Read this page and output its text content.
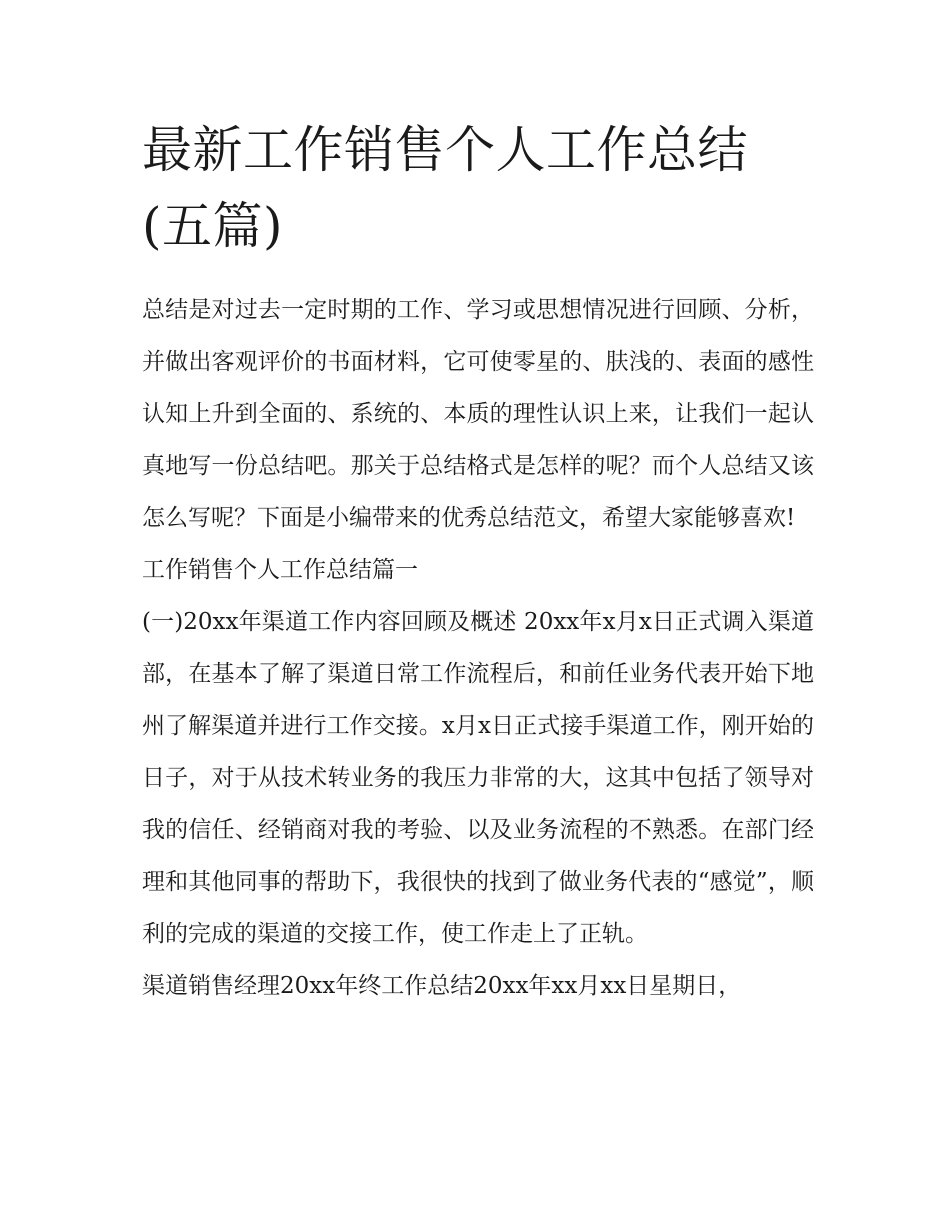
最新工作销售个人工作总结(五篇)

总结是对过去一定时期的工作、学习或思想情况进行回顾、分析，并做出客观评价的书面材料，它可使零星的、肤浅的、表面的感性认知上升到全面的、系统的、本质的理性认识上来，让我们一起认真地写一份总结吧。那关于总结格式是怎样的呢？而个人总结又该怎么写呢？下面是小编带来的优秀总结范文，希望大家能够喜欢!

工作销售个人工作总结篇一

(一)20xx年渠道工作内容回顾及概述 20xx年x月x日正式调入渠道部，在基本了解了渠道日常工作流程后，和前任业务代表开始下地州了解渠道并进行工作交接。x月x日正式接手渠道工作，刚开始的日子，对于从技术转业务的我压力非常的大，这其中包括了领导对我的信任、经销商对我的考验、以及业务流程的不熟悉。在部门经理和其他同事的帮助下，我很快的找到了做业务代表的“感觉”，顺利的完成的渠道的交接工作，使工作走上了正轨。

渠道销售经理20xx年终工作总结20xx年xx月xx日星期日，
